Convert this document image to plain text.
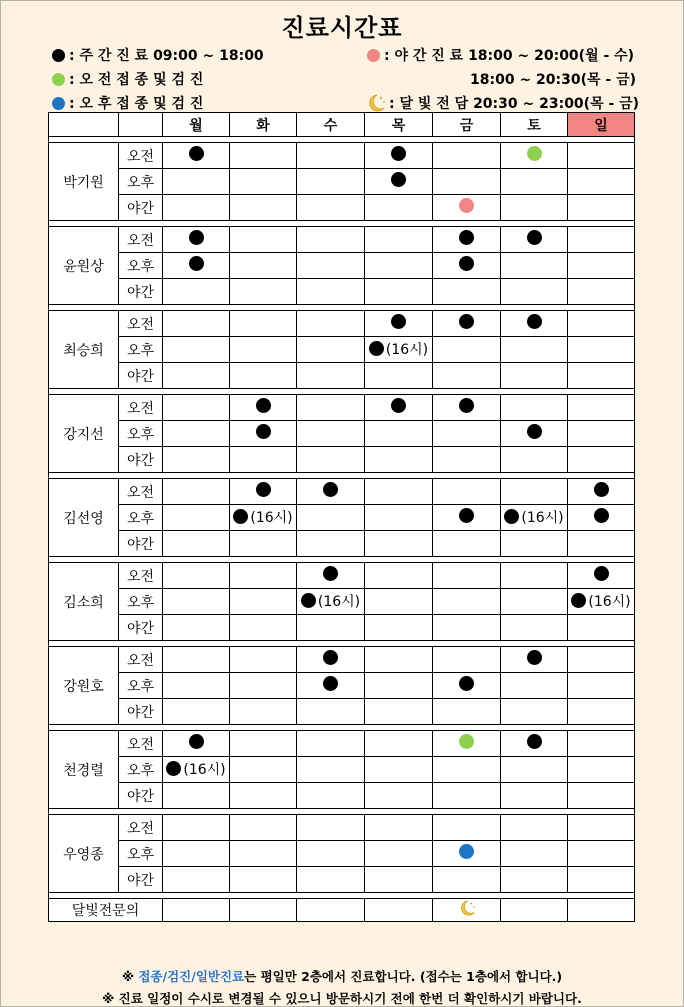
진료시간표
: 주 간 진 료 09:00 ~ 18:00
: 오 전 접 종 및 검 진
: 오 후 접 종 및 검 진
: 야 간 진 료 18:00 ~ 20:00(월 - 수)
18:00 ~ 20:30(목 - 금)
: 달 빛 전 담 20:30 ~ 23:00(목 - 금)
		월	화	수	목	금	토	일

박기원	오전	

	오후				

	야간					

윤원상	오전	

	오후	

	야간							

최승희	오전				

	오후				(16시)			

	야간							

강지선	오전		

	오후		

	야간							

김선영	오전		

	오후		(16시)				(16시)	

	야간							

김소희	오전			

	오후			(16시)				(16시)

	야간							

강원호	오전			

	오후			

	야간							

천경렬	오전	

	오후	(16시)						

	야간							

우영종	오전							
	오후					

	야간							

달빛전문의							
※ 접종/검진/일반진료는 평일만 2층에서 진료합니다. (접수는 1층에서 합니다.)
※ 진료 일정이 수시로 변경될 수 있으니 방문하시기 전에 한번 더 확인하시기 바랍니다.
